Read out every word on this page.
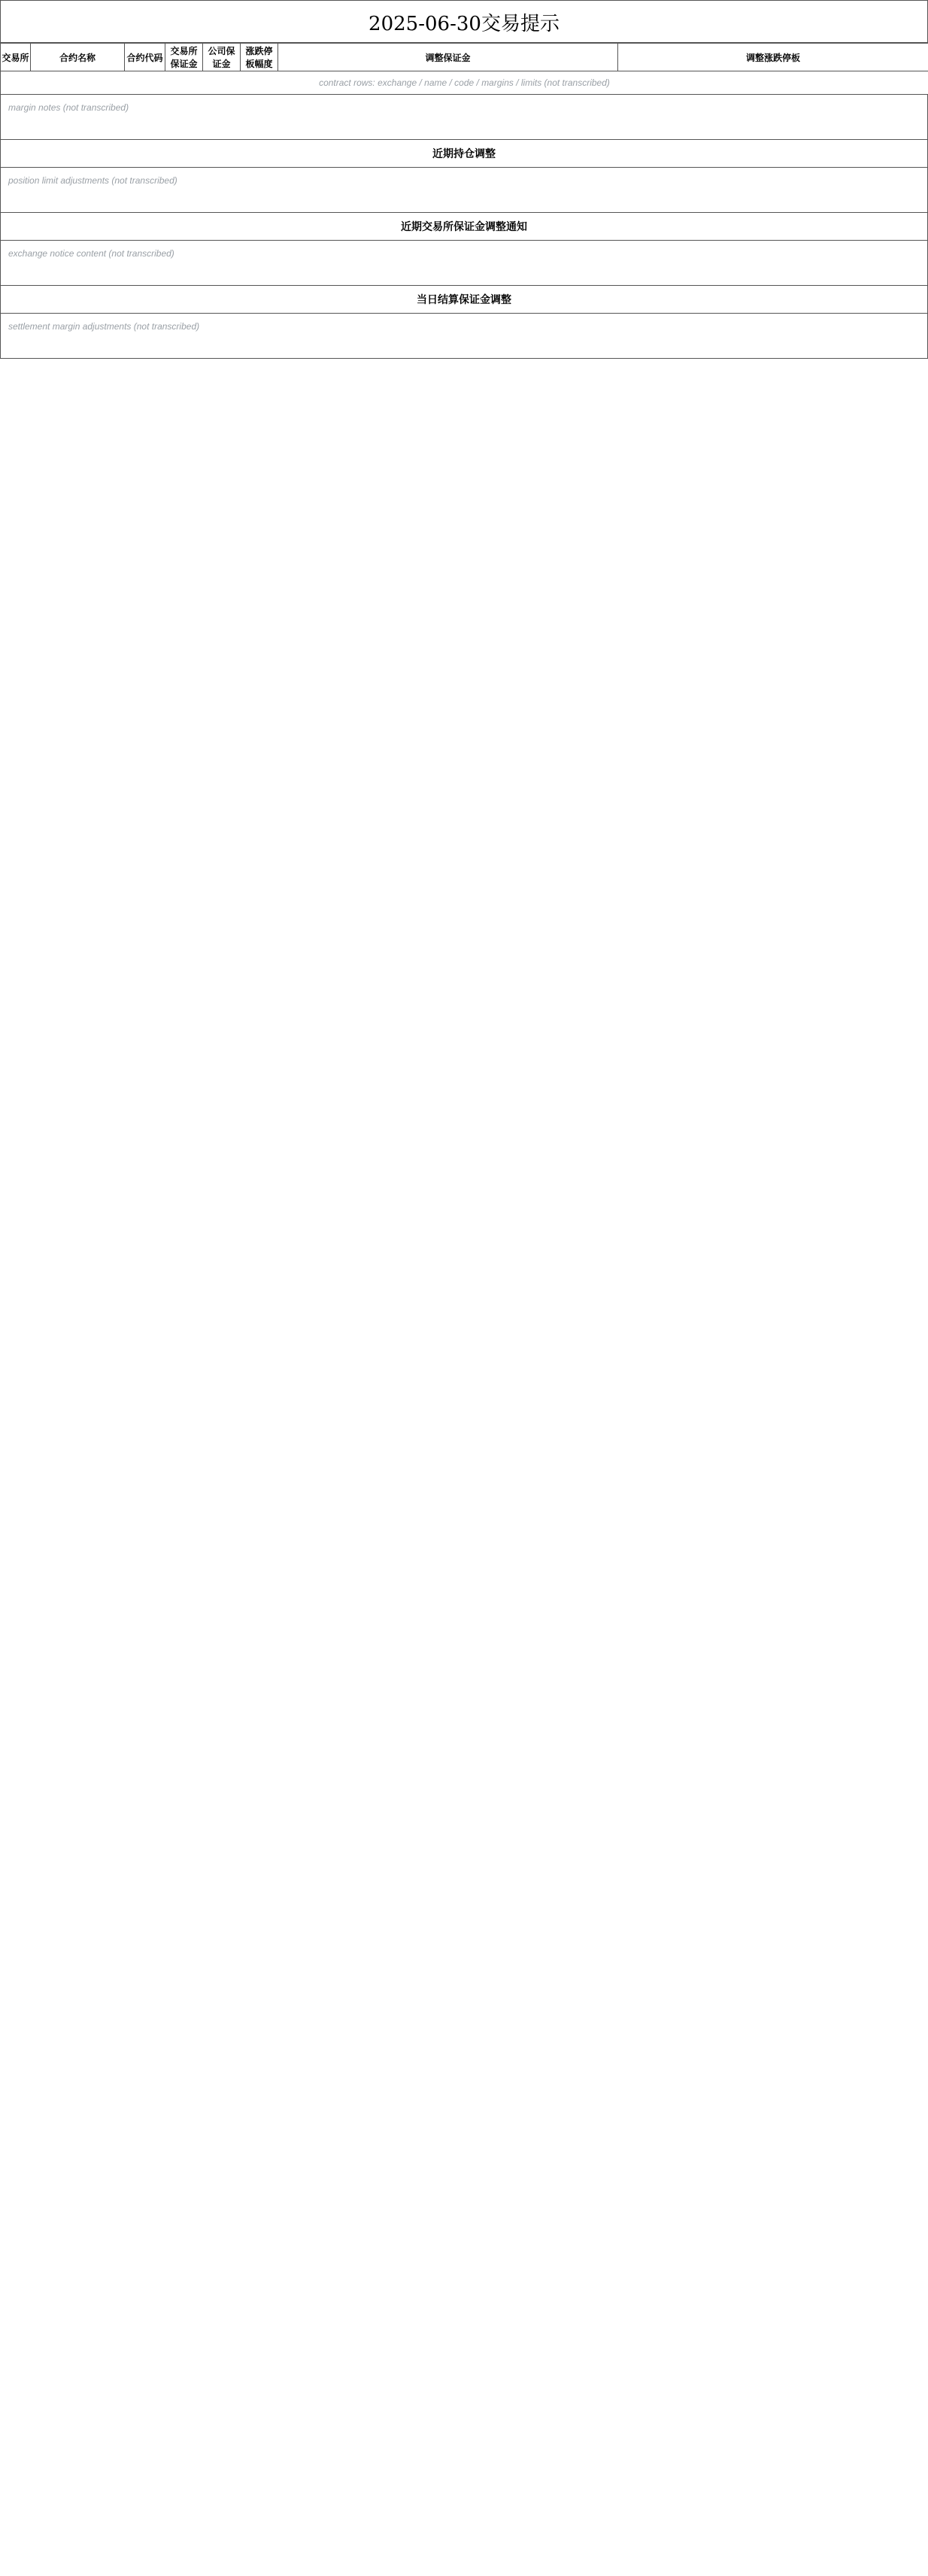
2025-06-30交易提示
交易所	合约名称	合约代码	交易所保证金	公司保证金	涨跌停板幅度	调整保证金	调整涨跌停板
contract rows: exchange / name / code / margins / limits (not transcribed)
margin notes (not transcribed)
近期持仓调整
position limit adjustments (not transcribed)
近期交易所保证金调整通知
exchange notice content (not transcribed)
当日结算保证金调整
settlement margin adjustments (not transcribed)
